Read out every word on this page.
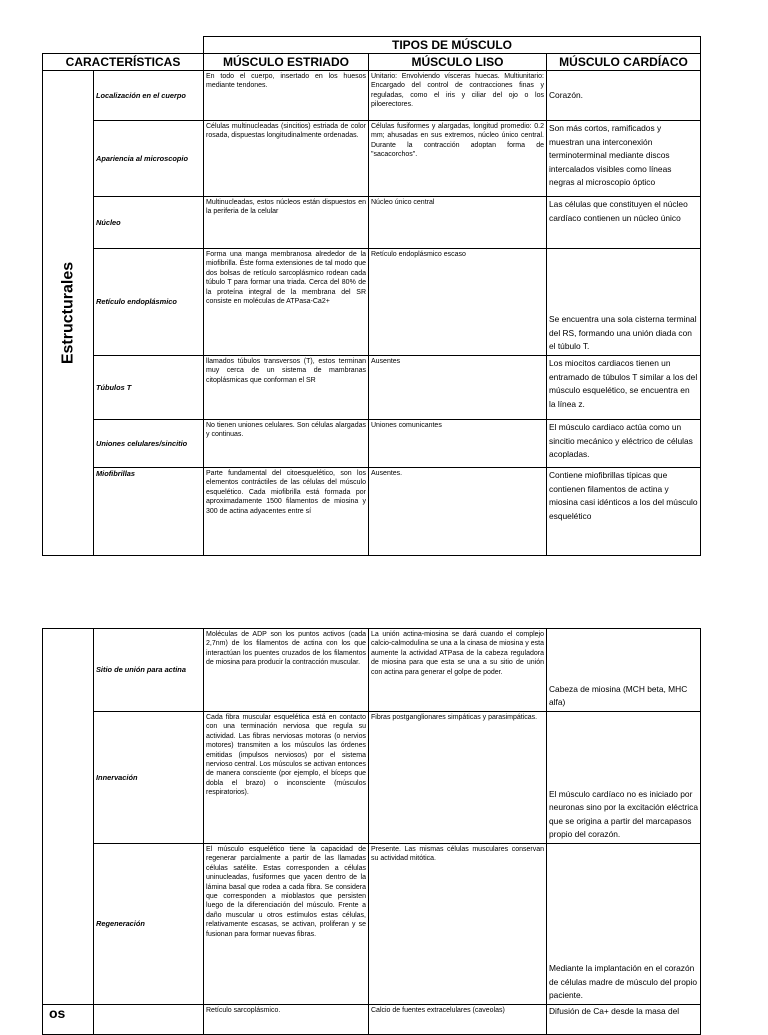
		TIPOS DE MÚSCULO		
CARACTERÍSTICAS		MÚSCULO ESTRIADO	MÚSCULO LISO	MÚSCULO CARDÍACO

Estructurales	Localización en el cuerpo	En todo el cuerpo, insertado en los huesos mediante tendones.	Unitario: Envolviendo vísceras huecas. Multiunitario: Encargado del control de contracciones finas y reguladas, como el iris y ciliar del ojo o los piloerectores.	Corazón.
	Apariencia al microscopio	Células multinucleadas (sincitios) estriada de color rosada, dispuestas longitudinalmente ordenadas.	Células fusiformes y alargadas, longitud promedio: 0.2 mm; ahusadas en sus extremos, núcleo único central. Durante la contracción adoptan forma de "sacacorchos".	Son más cortos, ramificados y muestran una interconexión terminoterminal mediante discos intercalados visibles como líneas negras al microscopio óptico
	Núcleo	Multinucleadas, estos núcleos están dispuestos en la periferia de la celular	Núcleo único central	Las células que constituyen el núcleo cardíaco contienen un núcleo único
	Retículo endoplásmico	Forma una manga membranosa alrededor de la miofibrilla. Éste forma extensiones de tal modo que dos bolsas de retículo sarcoplásmico rodean cada túbulo T para formar una triada. Cerca del 80% de la proteína integral de la membrana del SR consiste en moléculas de ATPasa-Ca2+	Retículo endoplásmico escaso	Se encuentra una sola cisterna terminal del RS, formando una unión diada con el túbulo T.
	Túbulos T	llamados túbulos transversos (T), estos terminan muy cerca de un sistema de mambranas citoplásmicas que conforman el SR	Ausentes	Los miocitos cardiacos tienen un entramado de túbulos T similar a los del músculo esquelético, se encuentra en la línea z.
	Uniones celulares/sincitio	No tienen uniones celulares. Son células alargadas y continuas.	Uniones comunicantes	El músculo cardiaco actúa como un sincitio mecánico y eléctrico de células acopladas.
	Miofibrillas	Parte fundamental del citoesquelético, son los elementos contráctiles de las células del músculo esquelético. Cada miofibrilla está formada por aproximadamente 1500 filamentos de miosina y 300 de actina adyacentes entre sí	Ausentes.	Contiene miofibrillas típicas que contienen filamentos de actina y miosina casi idénticos a los del músculo esquelético
	Sitio de unión para actina	Moléculas de ADP son los puntos activos (cada 2,7nm) de los filamentos de actina con los que interactúan los puentes cruzados de los filamentos de miosina para producir la contracción muscular.	La unión actina-miosina se dará cuando el complejo calcio-calmodulina se una a la cinasa de miosina y esta aumente la actividad ATPasa de la cabeza reguladora de miosina para que esta se una a su sitio de unión con actina para generar el golpe de poder.	Cabeza de miosina (MCH beta, MHC alfa)
	Innervación	Cada fibra muscular esquelética está en contacto con una terminación nerviosa que regula su actividad. Las fibras nerviosas motoras (o nervios motores) transmiten a los músculos las órdenes emitidas (impulsos nerviosos) por el sistema nervioso central. Los músculos se activan entonces de manera consciente (por ejemplo, el bíceps que dobla el brazo) o inconsciente (músculos respiratorios).	Fibras postganglionares simpáticas y parasimpáticas.	El músculo cardíaco no es iniciado por neuronas sino por la excitación eléctrica que se origina a partir del marcapasos propio del corazón.
	Regeneración	El músculo esquelético tiene la capacidad de regenerar parcialmente a partir de las llamadas células satélite. Estas corresponden a células uninucleadas, fusiformes que yacen dentro de la lámina basal que rodea a cada fibra. Se considera que corresponden a mioblastos que persisten luego de la diferenciación del músculo. Frente a daño muscular u otros estímulos estas células, relativamente escasas, se activan, proliferan y se fusionan para formar nuevas fibras.	Presente. Las mismas células musculares conservan su actividad mitótica.	Mediante la implantación en el corazón de células madre de músculo del propio paciente.

os		Retículo sarcoplásmico.	Calcio de fuentes extracelulares (caveolas)	Difusión de Ca+ desde la masa del
